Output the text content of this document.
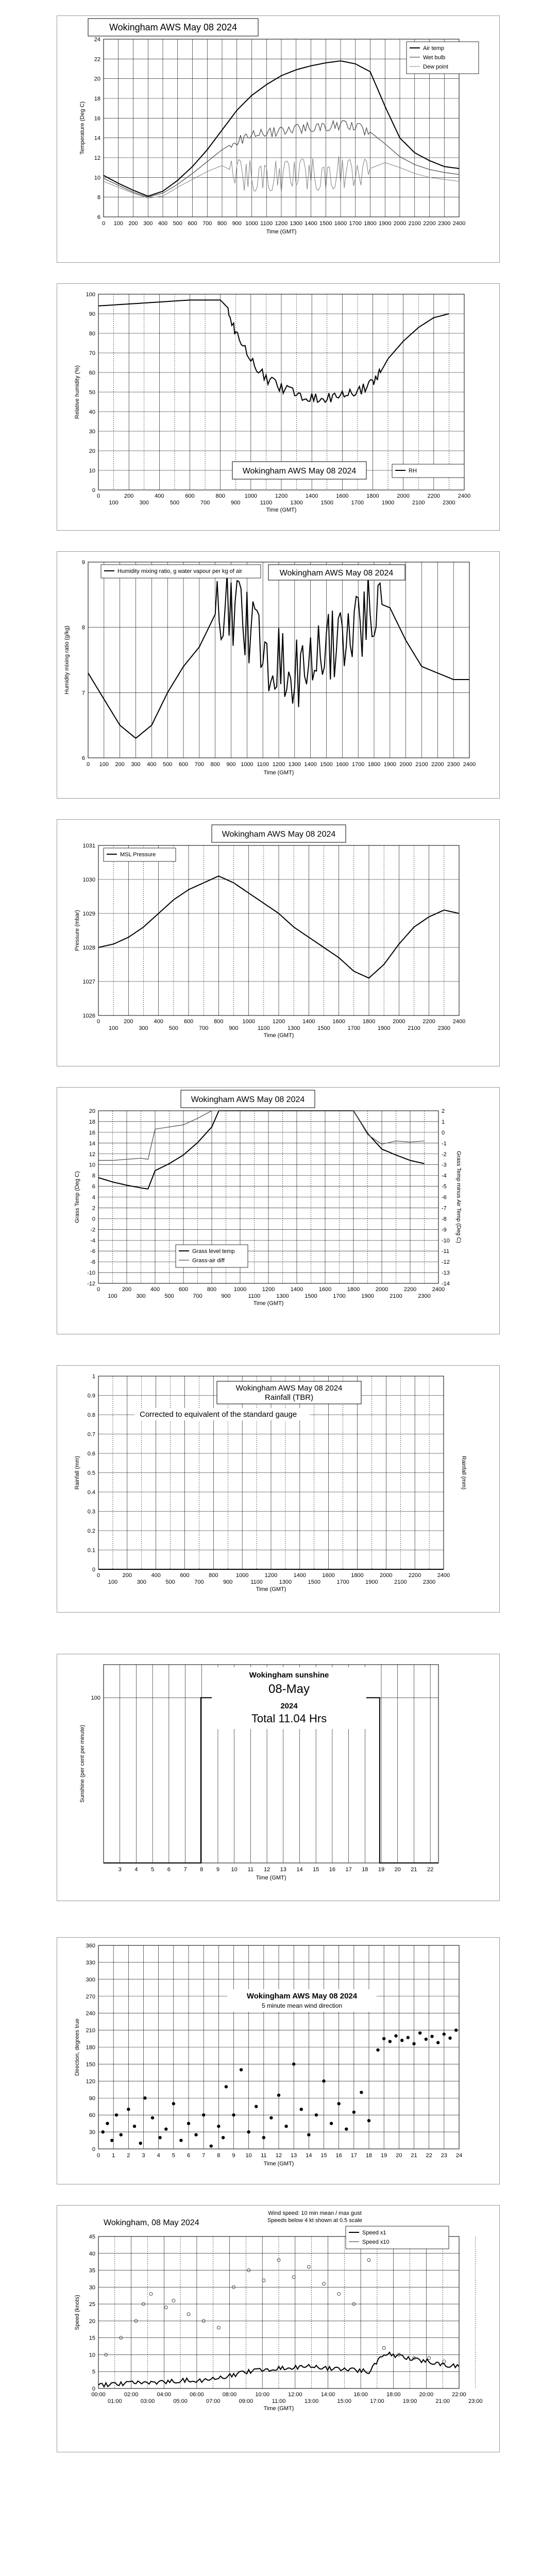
Wokingham AWS May 08 2024
6
8
10
12
14
16
18
20
22
24
0 100 200 300 400 500 600 700 800 900 1000 1100 1200 1300 1400 1500 1600 1700 1800 1900 2000 2100 2200 2300 2400
Time (GMT)
Temperature (Deg C)
Air temp
Wet bulb
Dew point
0
10
20
30
40
50
60
70
80
90
100
0	200	400	600	800	1000	1200	1400	1600	1800	2000	2200	2400
100	300	500	700	900	1100	1300	1500	1700	1900	2100	2300
Time (GMT)
Relative humidity (%)
RH
Wokingham AWS May 08 2024
6
7
8
9
0 100 200 300 400 500 600 700 800 900 1000 1100 1200 1300 1400 1500 1600 1700 1800 1900 2000 2100 2200 2300 2400
Time (GMT)
Humidity mixing ratio (g/kg)
Humidity mixing ratio, g water vapour per kg of air	Wokingham AWS May 08 2024
1026
1027
1028
1029
1030
1031
0	200	400	600	800	1000	1200	1400	1600	1800	2000	2200	2400
100	300	500	700	900	1100	1300	1500	1700	1900	2100	2300
Time (GMT)
Pressure (mbar)
MSL Pressure
Wokingham AWS May 08 2024
-12
-10
-8
-6
-4
-2
0
2
4
6
8
10
12
14
16
18
20
-14
-13
-12
-11
-10
-9
-8
-7
-6
-5
-4
-3
-2
-1
0
1
2
0	200	400	600	800	1000	1200	1400	1600	1800	2000	2200	2400
100	300	500	700	900	1100	1300	1500	1700	1900	2100	2300
Time (GMT)
Grass Temp (Deg C)	Grass Temp minus Air Temp (Deg C)
Grass level temp
Grass-air diff
Wokingham AWS May 08 2024
0
0.1
0.2
0.3
0.4
0.5
0.6
0.7
0.8
0.9
1
0	200	400	600	800	1000	1200	1400	1600	1800	2000	2200	2400
100	300	500	700	900	1100	1300	1500	1700	1900	2100	2300
Time (GMT)
Rainfall (mm)	Rainfall (mm)
Wokingham AWS May 08 2024
Rainfall (TBR)
Corrected to equivalent of the standard gauge
100
3 4 5 6 7 8 9 10 11 12 13 14 15 16 17 18 19 20 21 22
Time (GMT)
Sunshine (per cent per minute)
Wokingham sunshine
08-May
2024
Total 11.04 Hrs
0
30
60
90
120
150
180
210
240
270
300
330
360
0 1 2 3 4 5 6 7 8 9 10 11 12 13 14 15 16 17 18 19 20 21 22 23 24
Time (GMT)
Direction, degrees true
Wokingham AWS May 08 2024
5 minute mean wind direction
0
5
10
15
20
25
30
35
40
45
00:00	02:00	04:00	06:00	08:00	10:00	12:00	14:00	16:00	18:00	20:00	22:00
01:00	03:00	05:00	07:00	09:00	11:00	13:00	15:00	17:00	19:00	21:00	23:00
Time (GMT)
Speed (knots)
Speed x1
Speed x10
Wokingham, 08 May 2024
Wind speed: 10 min mean / max gust
Speeds below 4 kt shown at 0.5 scale
